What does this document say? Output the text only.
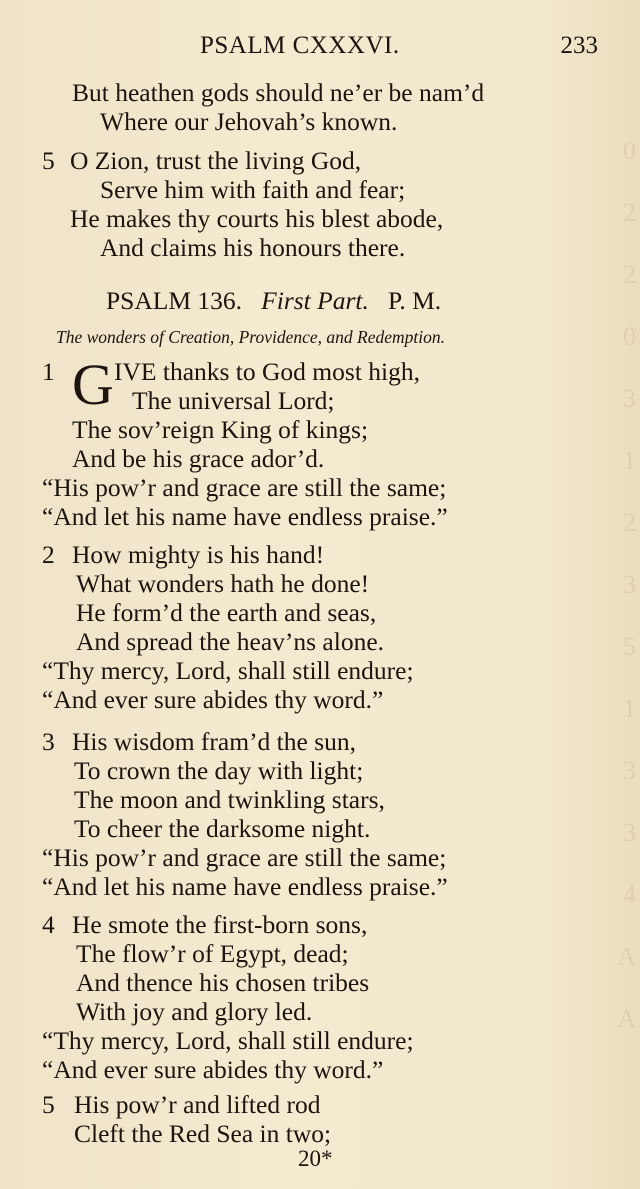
0
2
2
0
3
1
2
3
5
1
3
3
4
A
A
PSALM CXXXVI.	233
But heathen gods should ne’er be nam’d
Where our Jehovah’s known.
5 O Zion, trust the living God,
Serve him with faith and fear;
He makes thy courts his blest abode,
And claims his honours there.
PSALM 136. First Part. P. M.
The wonders of Creation, Providence, and Redemption.
1 G IVE thanks to God most high,
The universal Lord;
The sov’reign King of kings;
And be his grace ador’d.
“His pow’r and grace are still the same;
“And let his name have endless praise.”
2 How mighty is his hand!
What wonders hath he done!
He form’d the earth and seas,
And spread the heav’ns alone.
“Thy mercy, Lord, shall still endure;
“And ever sure abides thy word.”
3 His wisdom fram’d the sun,
To crown the day with light;
The moon and twinkling stars,
To cheer the darksome night.
“His pow’r and grace are still the same;
“And let his name have endless praise.”
4 He smote the first-born sons,
The flow’r of Egypt, dead;
And thence his chosen tribes
With joy and glory led.
“Thy mercy, Lord, shall still endure;
“And ever sure abides thy word.”
5 His pow’r and lifted rod
Cleft the Red Sea in two;
20*
